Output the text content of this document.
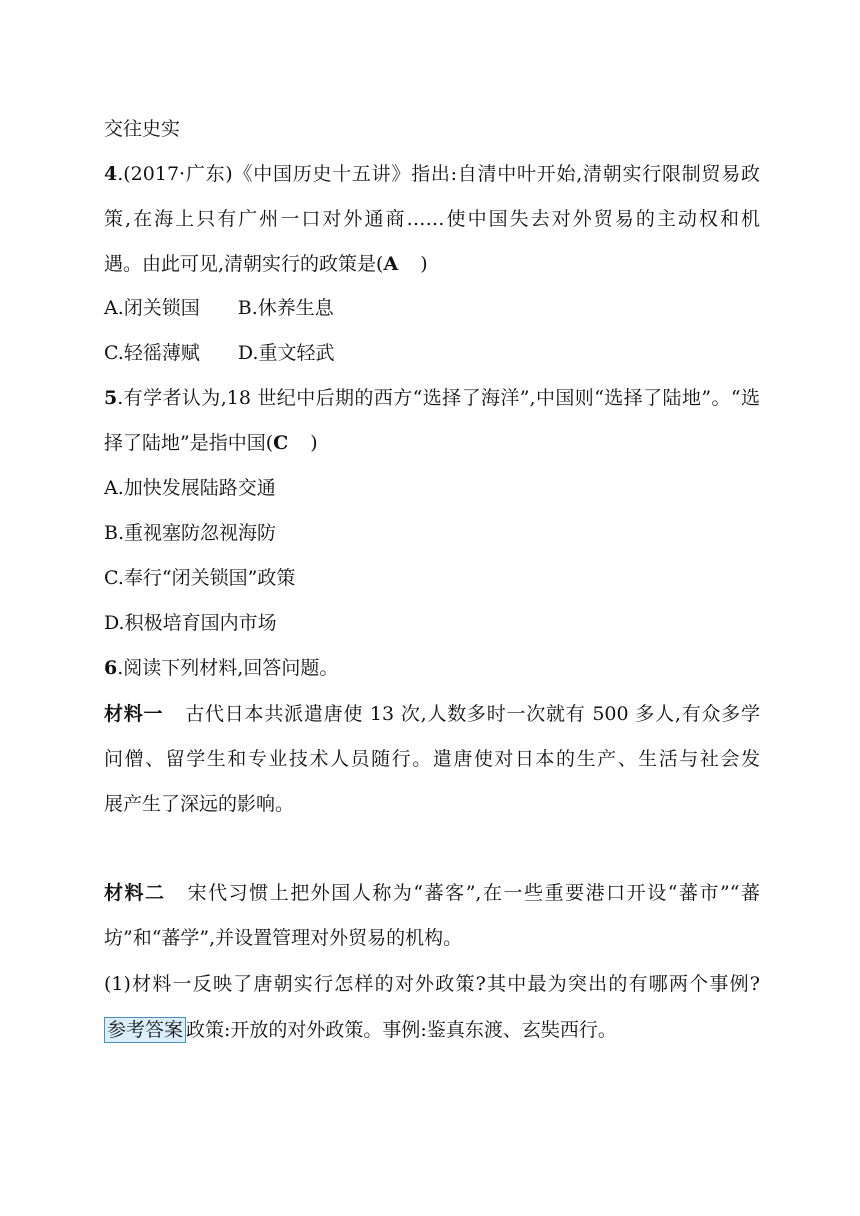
交往史实
4.(2017·广东)《中国历史十五讲》指出:自清中叶开始,清朝实行限制贸易政
策,在海上只有广州一口对外通商……使中国失去对外贸易的主动权和机
遇。由此可见,清朝实行的政策是(A )
A.闭关锁国 B.休养生息
C.轻徭薄赋 D.重文轻武
5.有学者认为,18 世纪中后期的西方“选择了海洋”,中国则“选择了陆地”。“选
择了陆地”是指中国(C )
A.加快发展陆路交通
B.重视塞防忽视海防
C.奉行“闭关锁国”政策
D.积极培育国内市场
6.阅读下列材料,回答问题。
材料一 古代日本共派遣唐使 13 次,人数多时一次就有 500 多人,有众多学
问僧、留学生和专业技术人员随行。遣唐使对日本的生产、生活与社会发
展产生了深远的影响。
材料二 宋代习惯上把外国人称为“蕃客”,在一些重要港口开设“蕃市”“蕃
坊”和“蕃学”,并设置管理对外贸易的机构。
(1)材料一反映了唐朝实行怎样的对外政策?其中最为突出的有哪两个事例?
参考答案 政策:开放的对外政策。事例:鉴真东渡、玄奘西行。
